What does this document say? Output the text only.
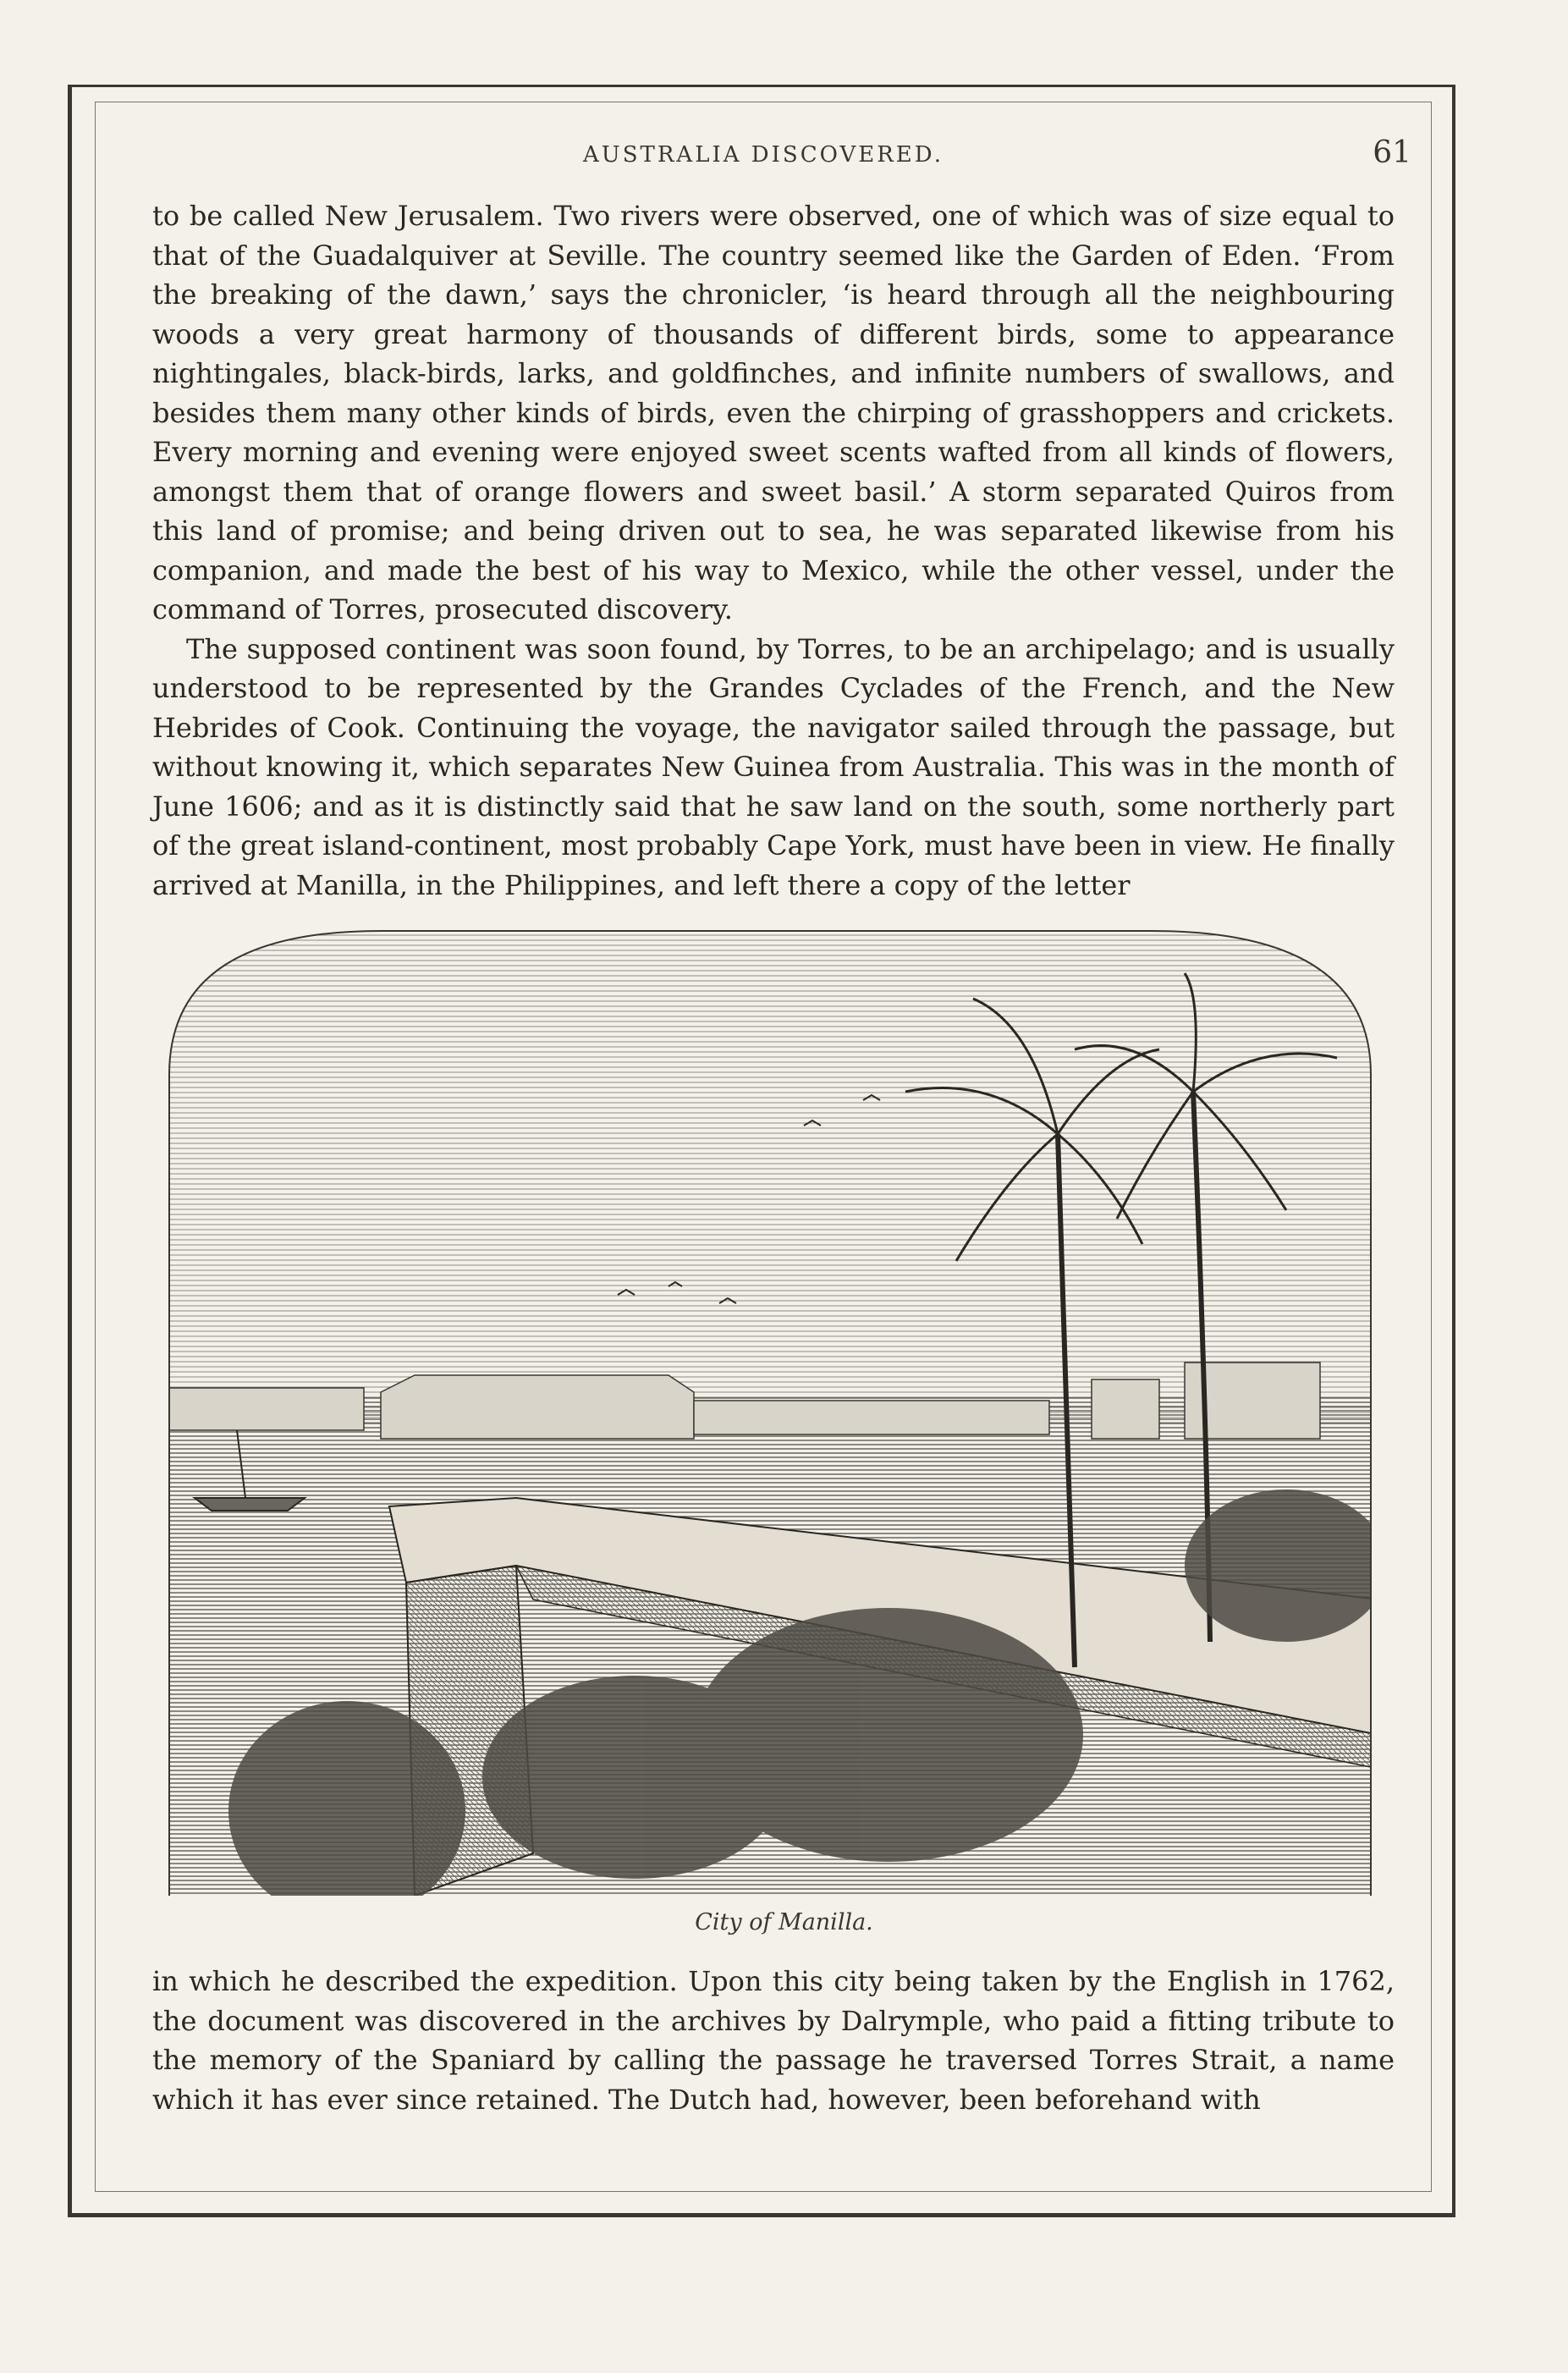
AUSTRALIA DISCOVERED.	61

to be called New Jerusalem. Two rivers were observed, one of which was of size equal to that of the Guadalquiver at Seville. The country seemed like the Garden of Eden. ‘From the breaking of the dawn,’ says the chronicler, ‘is heard through all the neighbouring woods a very great harmony of thousands of different birds, some to appearance nightingales, black-birds, larks, and goldfinches, and infinite numbers of swallows, and besides them many other kinds of birds, even the chirping of grasshoppers and crickets. Every morning and evening were enjoyed sweet scents wafted from all kinds of flowers, amongst them that of orange flowers and sweet basil.’ A storm separated Quiros from this land of promise; and being driven out to sea, he was separated likewise from his companion, and made the best of his way to Mexico, while the other vessel, under the command of Torres, prosecuted discovery.

The supposed continent was soon found, by Torres, to be an archipelago; and is usually understood to be represented by the Grandes Cyclades of the French, and the New Hebrides of Cook. Continuing the voyage, the navigator sailed through the passage, but without knowing it, which separates New Guinea from Australia. This was in the month of June 1606; and as it is distinctly said that he saw land on the south, some northerly part of the great island-continent, most probably Cape York, must have been in view. He finally arrived at Manilla, in the Philippines, and left there a copy of the letter

City of Manilla.

in which he described the expedition. Upon this city being taken by the English in 1762, the document was discovered in the archives by Dalrymple, who paid a fitting tribute to the memory of the Spaniard by calling the passage he traversed Torres Strait, a name which it has ever since retained. The Dutch had, however, been beforehand with
